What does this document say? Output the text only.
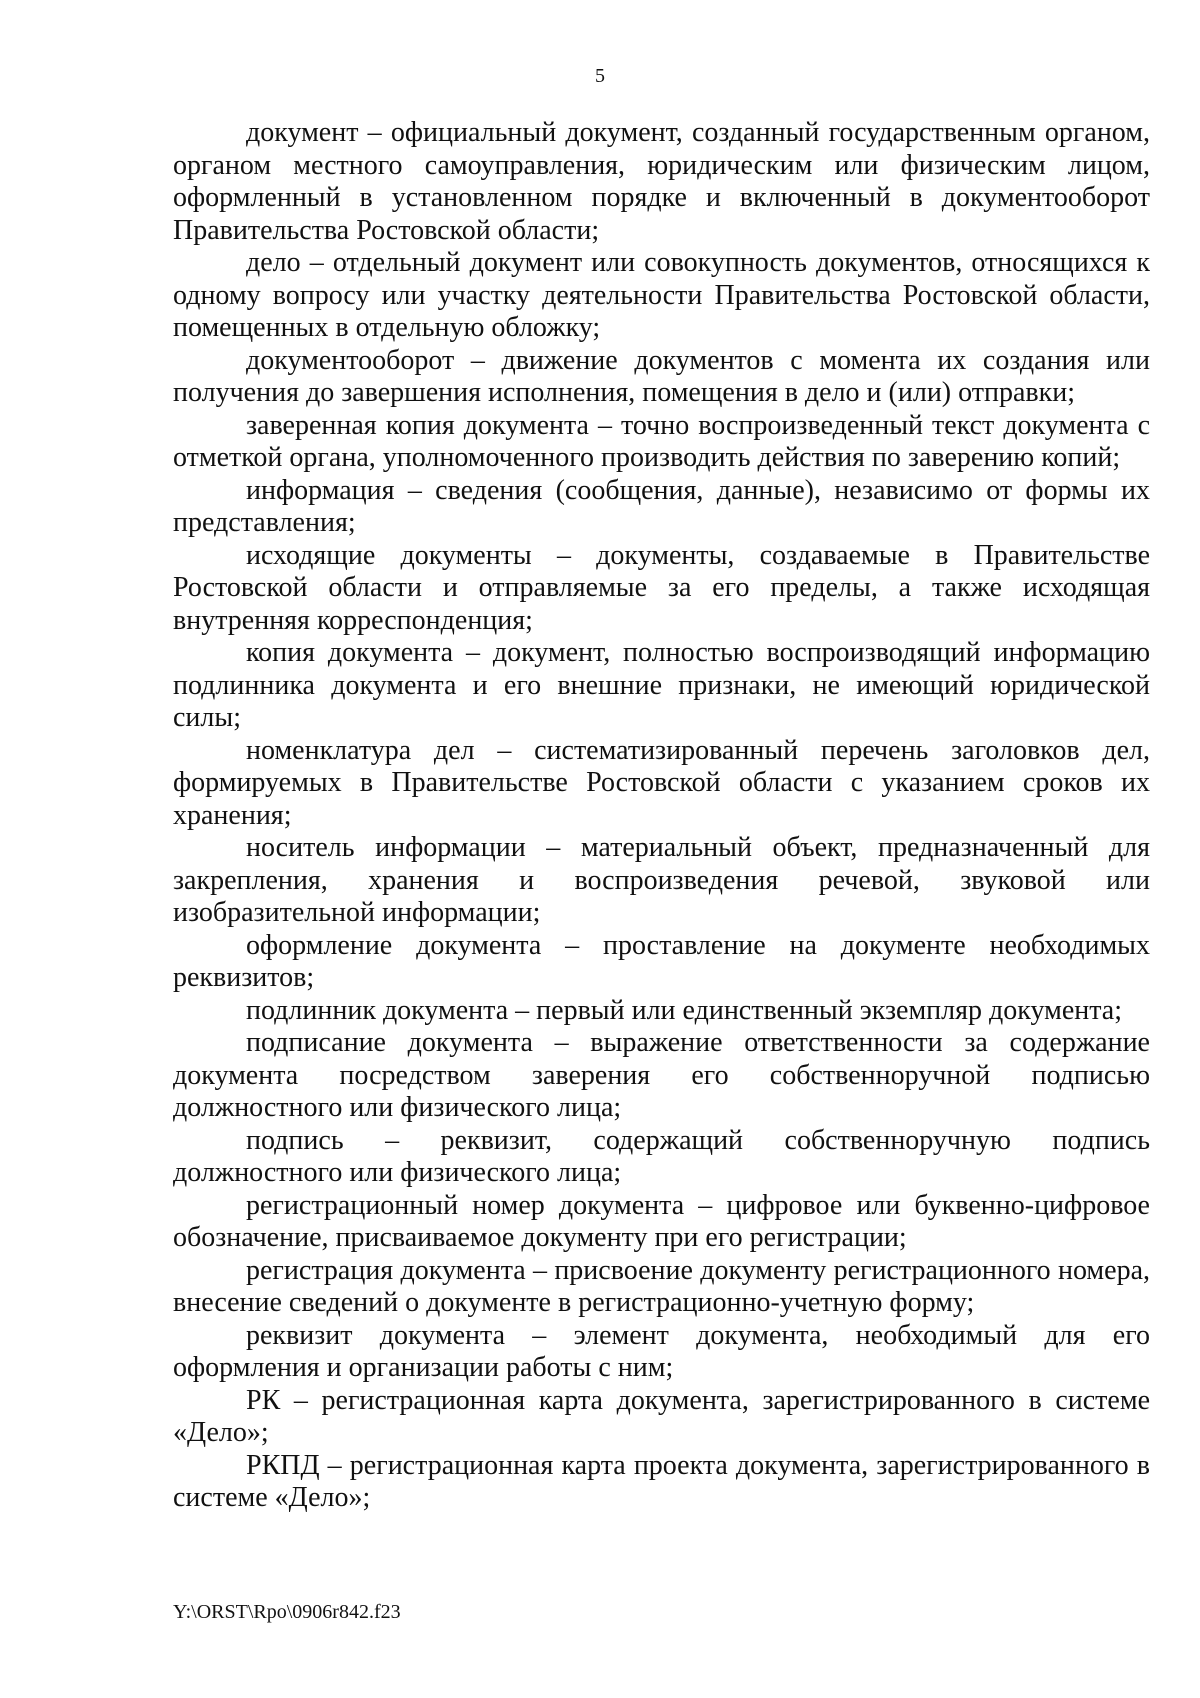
5

документ – официальный документ, созданный государственным органом, органом местного самоуправления, юридическим или физическим лицом, оформленный в установленном порядке и включенный в документооборот Правительства Ростовской области;

дело – отдельный документ или совокупность документов, относящихся к одному вопросу или участку деятельности Правительства Ростовской области, помещенных в отдельную обложку;

документооборот – движение документов с момента их создания или получения до завершения исполнения, помещения в дело и (или) отправки;

заверенная копия документа – точно воспроизведенный текст документа с отметкой органа, уполномоченного производить действия по заверению копий;

информация – сведения (сообщения, данные), независимо от формы их представления;

исходящие документы – документы, создаваемые в Правительстве Ростовской области и отправляемые за его пределы, а также исходящая внутренняя корреспонденция;

копия документа – документ, полностью воспроизводящий информацию подлинника документа и его внешние признаки, не имеющий юридической силы;

номенклатура дел – систематизированный перечень заголовков дел, формируемых в Правительстве Ростовской области с указанием сроков их хранения;

носитель информации – материальный объект, предназначенный для закрепления, хранения и воспроизведения речевой, звуковой или изобразительной информации;

оформление документа – проставление на документе необходимых реквизитов;

подлинник документа – первый или единственный экземпляр документа;

подписание документа – выражение ответственности за содержание документа посредством заверения его собственноручной подписью должностного или физического лица;

подпись – реквизит, содержащий собственноручную подпись должностного или физического лица;

регистрационный номер документа – цифровое или буквенно-цифровое обозначение, присваиваемое документу при его регистрации;

регистрация документа – присвоение документу регистрационного номера, внесение сведений о документе в регистрационно-учетную форму;

реквизит документа – элемент документа, необходимый для его оформления и организации работы с ним;

РК – регистрационная карта документа, зарегистрированного в системе «Дело»;

РКПД – регистрационная карта проекта документа, зарегистрированного в системе «Дело»;

Y:\ORST\Rpo\0906r842.f23
